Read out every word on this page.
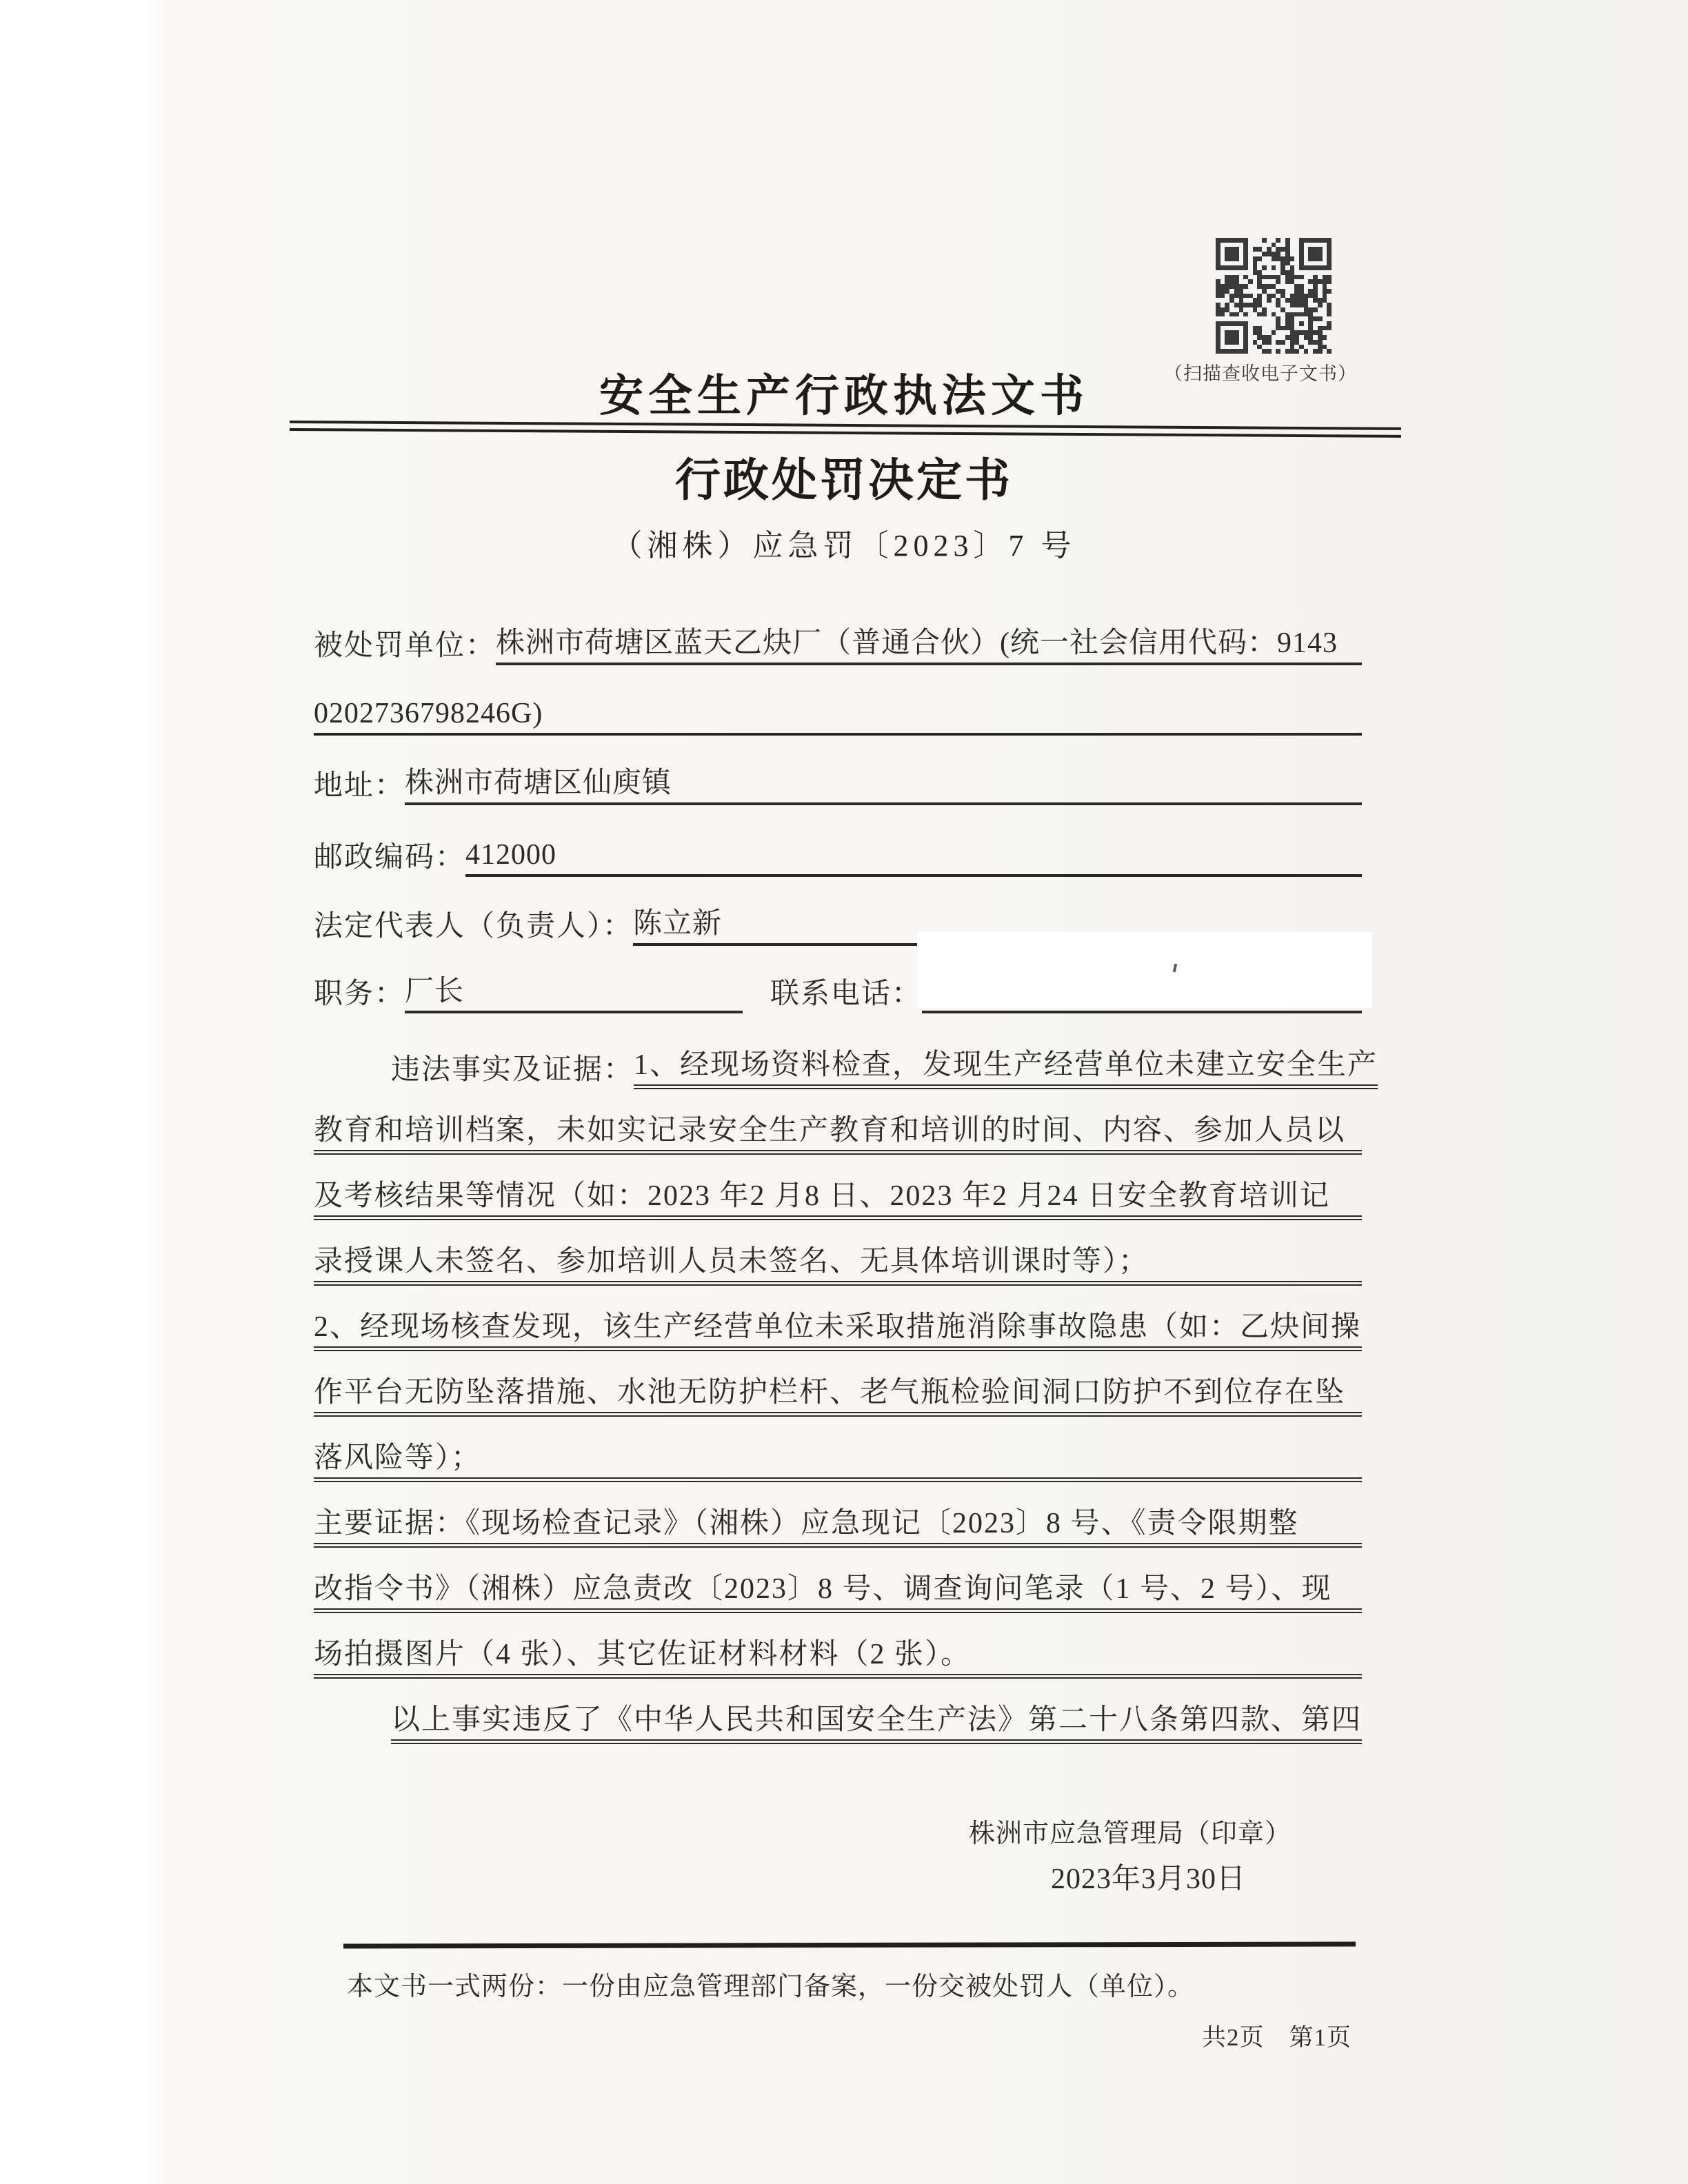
（扫描查收电子文书）
安全生产行政执法文书
行政处罚决定书
（湘株）应急罚〔2023〕7 号
被处罚单位： 株洲市荷塘区蓝天乙炔厂（普通合伙）(统一社会信用代码：9143
0202736798246G)
地址： 株洲市荷塘区仙庾镇
邮政编码： 412000
法定代表人（负责人）： 陈立新
职务： 厂长	联系电话：
违法事实及证据： 1、经现场资料检查，发现生产经营单位未建立安全生产
教育和培训档案，未如实记录安全生产教育和培训的时间、内容、参加人员以
及考核结果等情况（如：2023 年2 月8 日、2023 年2 月24 日安全教育培训记
录授课人未签名、参加培训人员未签名、无具体培训课时等）；
2、经现场核查发现，该生产经营单位未采取措施消除事故隐患（如：乙炔间操
作平台无防坠落措施、水池无防护栏杆、老气瓶检验间洞口防护不到位存在坠
落风险等）；
主要证据：《现场检查记录》（湘株）应急现记〔2023〕8 号、《责令限期整
改指令书》（湘株）应急责改〔2023〕8 号、调查询问笔录（1 号、2 号）、现
场拍摄图片（4 张）、其它佐证材料材料（2 张）。
以上事实违反了《中华人民共和国安全生产法》第二十八条第四款、第四
株洲市应急管理局（印章）
2023年3月30日
本文书一式两份：一份由应急管理部门备案，一份交被处罚人（单位）。
共2页　第1页
